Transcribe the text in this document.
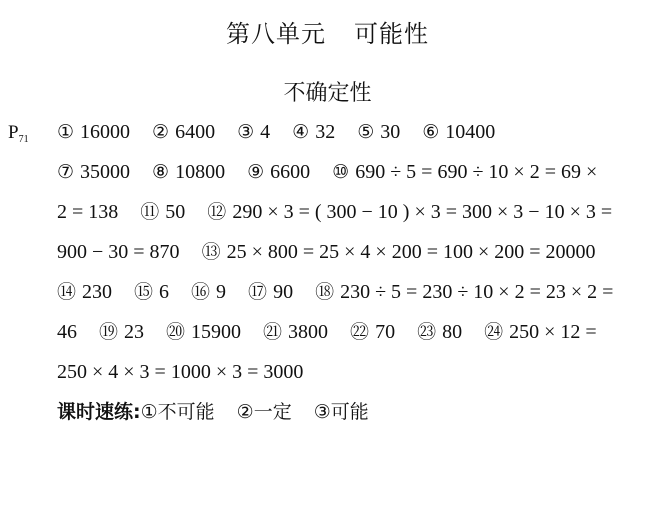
第八单元 可能性
不确定性
$P_{71}$ ① 16000 ② 6400 ③ 4 ④ 32 ⑤ 30 ⑥ 10400
⑦ 35000 ⑧ 10800 ⑨ 6600 ⑩ 690 ÷ 5 = 690 ÷ 10 × 2 = 69 ×
2 = 138 ⑪ 50 ⑫ 290 × 3 = ( 300 − 10 ) × 3 = 300 × 3 − 10 × 3 =
900 − 30 = 870 ⑬ 25 × 800 = 25 × 4 × 200 = 100 × 200 = 20000
⑭ 230 ⑮ 6 ⑯ 9 ⑰ 90 ⑱ 230 ÷ 5 = 230 ÷ 10 × 2 = 23 × 2 =
46 ⑲ 23 ⑳ 15900 ㉑ 3800 ㉒ 70 ㉓ 80 ㉔ 250 × 12 =
250 × 4 × 3 = 1000 × 3 = 3000
课时速练:①不可能 ②一定 ③可能
